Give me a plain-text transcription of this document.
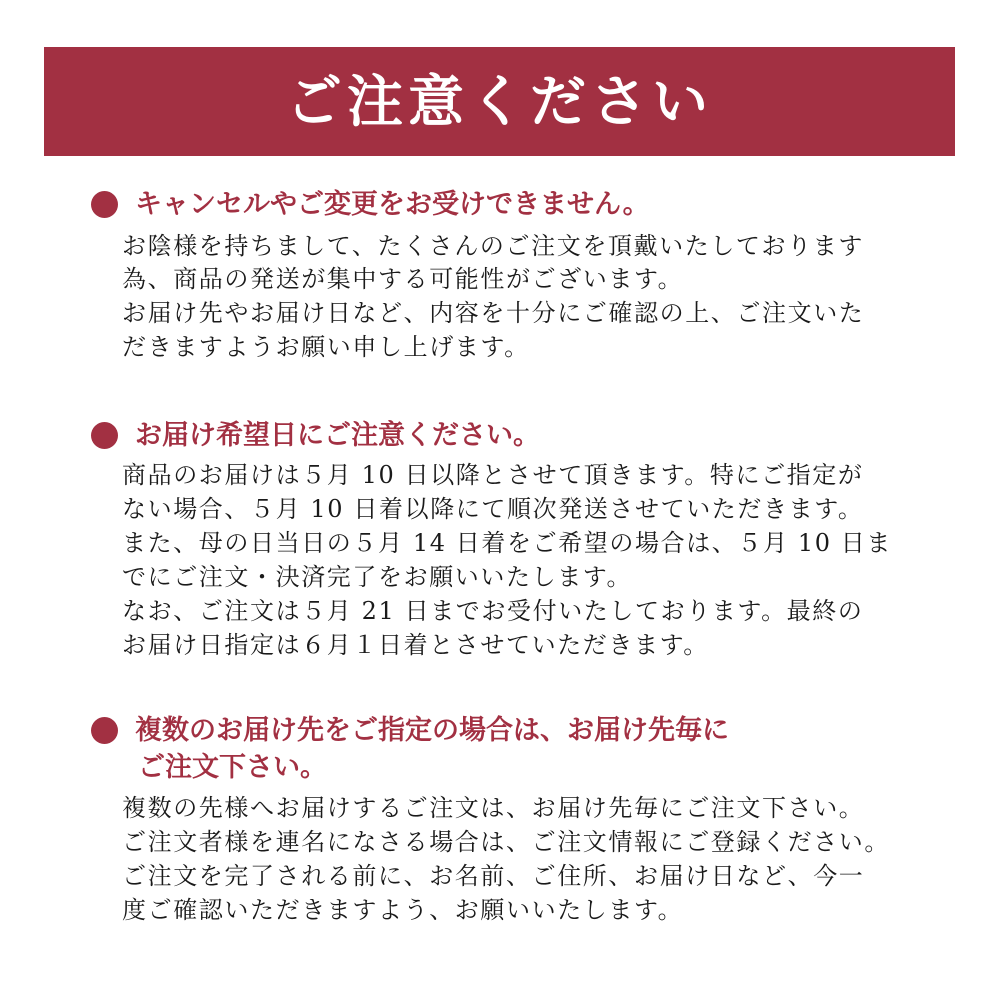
ご注意ください
キャンセルやご変更をお受けできません。
お陰様を持ちまして、たくさんのご注文を頂戴いたしております
為、商品の発送が集中する可能性がございます。
お届け先やお届け日など、内容を十分にご確認の上、ご注文いた
だきますようお願い申し上げます。
お届け希望日にご注意ください。
商品のお届けは５月 10 日以降とさせて頂きます。特にご指定が
ない場合、５月 10 日着以降にて順次発送させていただきます。
また、母の日当日の５月 14 日着をご希望の場合は、５月 10 日ま
でにご注文・決済完了をお願いいたします。
なお、ご注文は５月 21 日までお受付いたしております。最終の
お届け日指定は６月１日着とさせていただきます。
複数のお届け先をご指定の場合は、お届け先毎に
ご注文下さい。
複数の先様へお届けするご注文は、お届け先毎にご注文下さい。
ご注文者様を連名になさる場合は、ご注文情報にご登録ください。
ご注文を完了される前に、お名前、ご住所、お届け日など、今一
度ご確認いただきますよう、お願いいたします。
